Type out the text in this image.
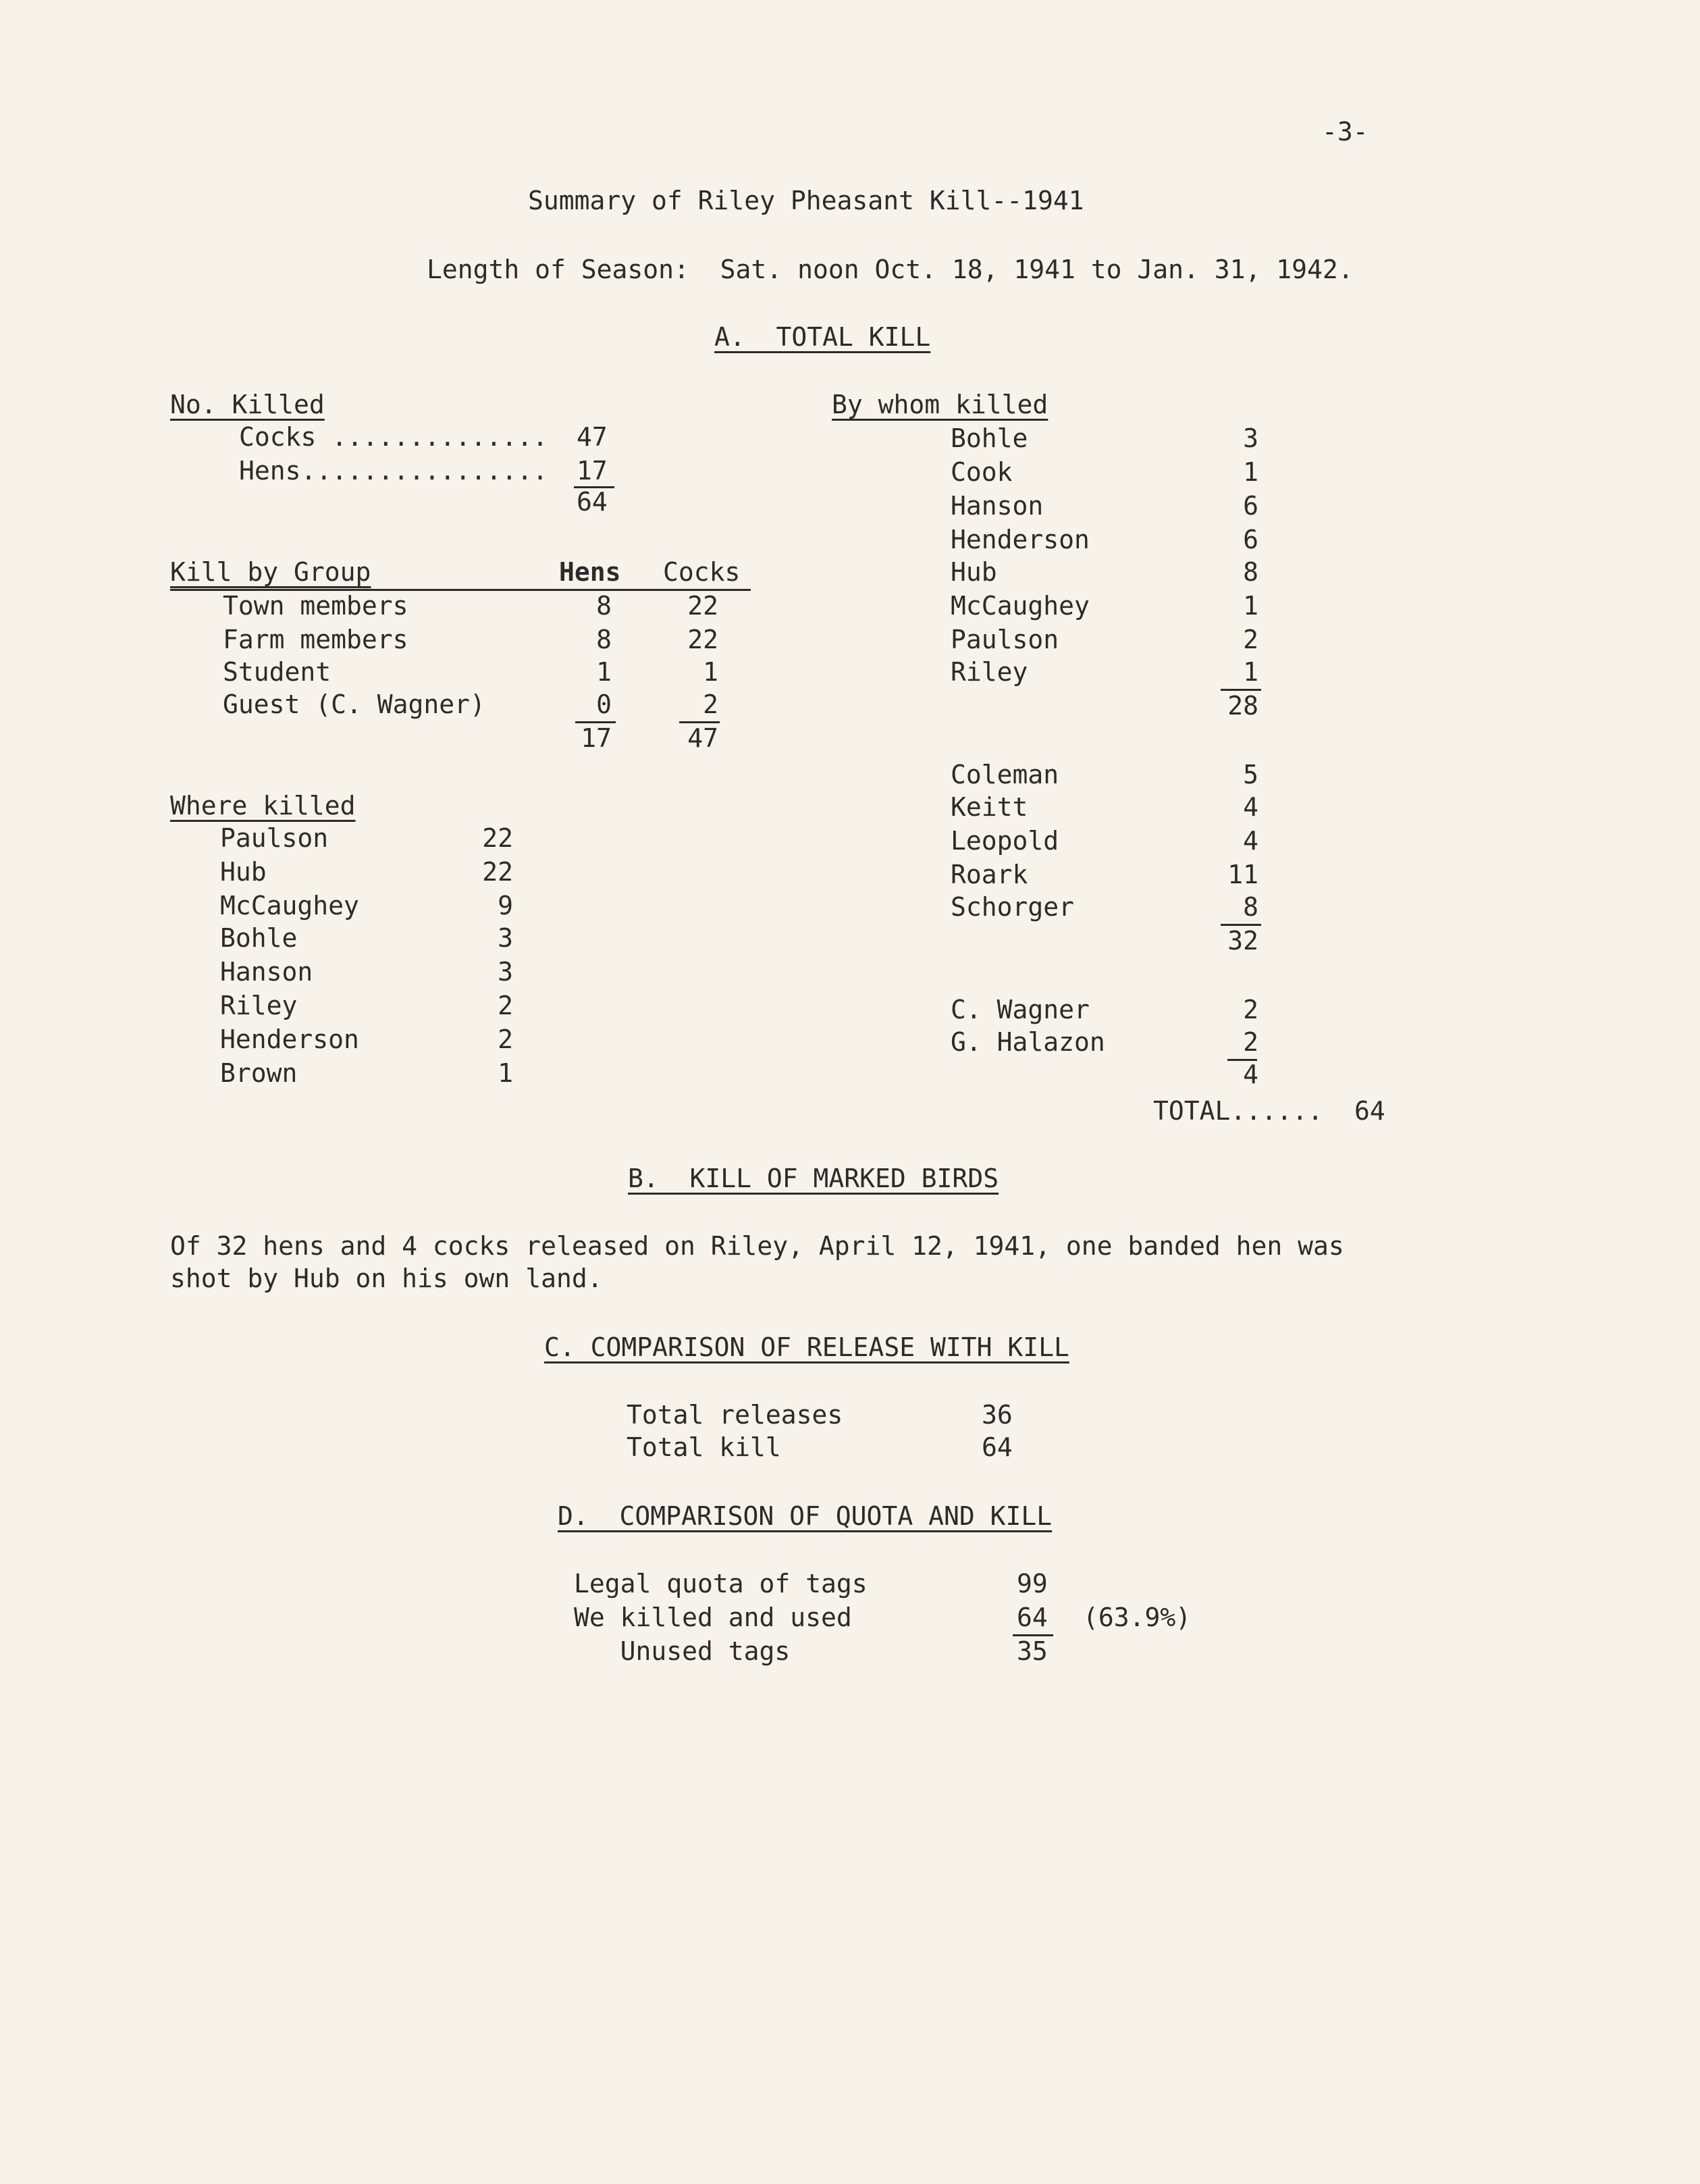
-3-
Summary of Riley Pheasant Kill--1941
Length of Season:  Sat. noon Oct. 18, 1941 to Jan. 31, 1942.
A.  TOTAL KILL
No. Killed
Cocks .............. 47
Hens................ 17
64
Kill by Group	Hens Cocks
Town members	8	22
Farm members	8	22
Student	1	1
Guest (C. Wagner)	0	2
17	47
Where killed
Paulson	22
Hub	22
McCaughey	9
Bohle	3
Hanson	3
Riley	2
Henderson	2
Brown	1
By whom killed
Bohle	3
Cook	1
Hanson	6
Henderson	6
Hub	8
McCaughey	1
Paulson	2
Riley	1
28
Coleman	5
Keitt	4
Leopold	4
Roark	11
Schorger	8
32
C. Wagner	2
G. Halazon	2
4
TOTAL...... 64
B.  KILL OF MARKED BIRDS
Of 32 hens and 4 cocks released on Riley, April 12, 1941, one banded hen was
shot by Hub on his own land.
C. COMPARISON OF RELEASE WITH KILL
Total releases	36
Total kill	64
D.  COMPARISON OF QUOTA AND KILL
Legal quota of tags	99
We killed and used	64 (63.9%)
Unused tags	35
